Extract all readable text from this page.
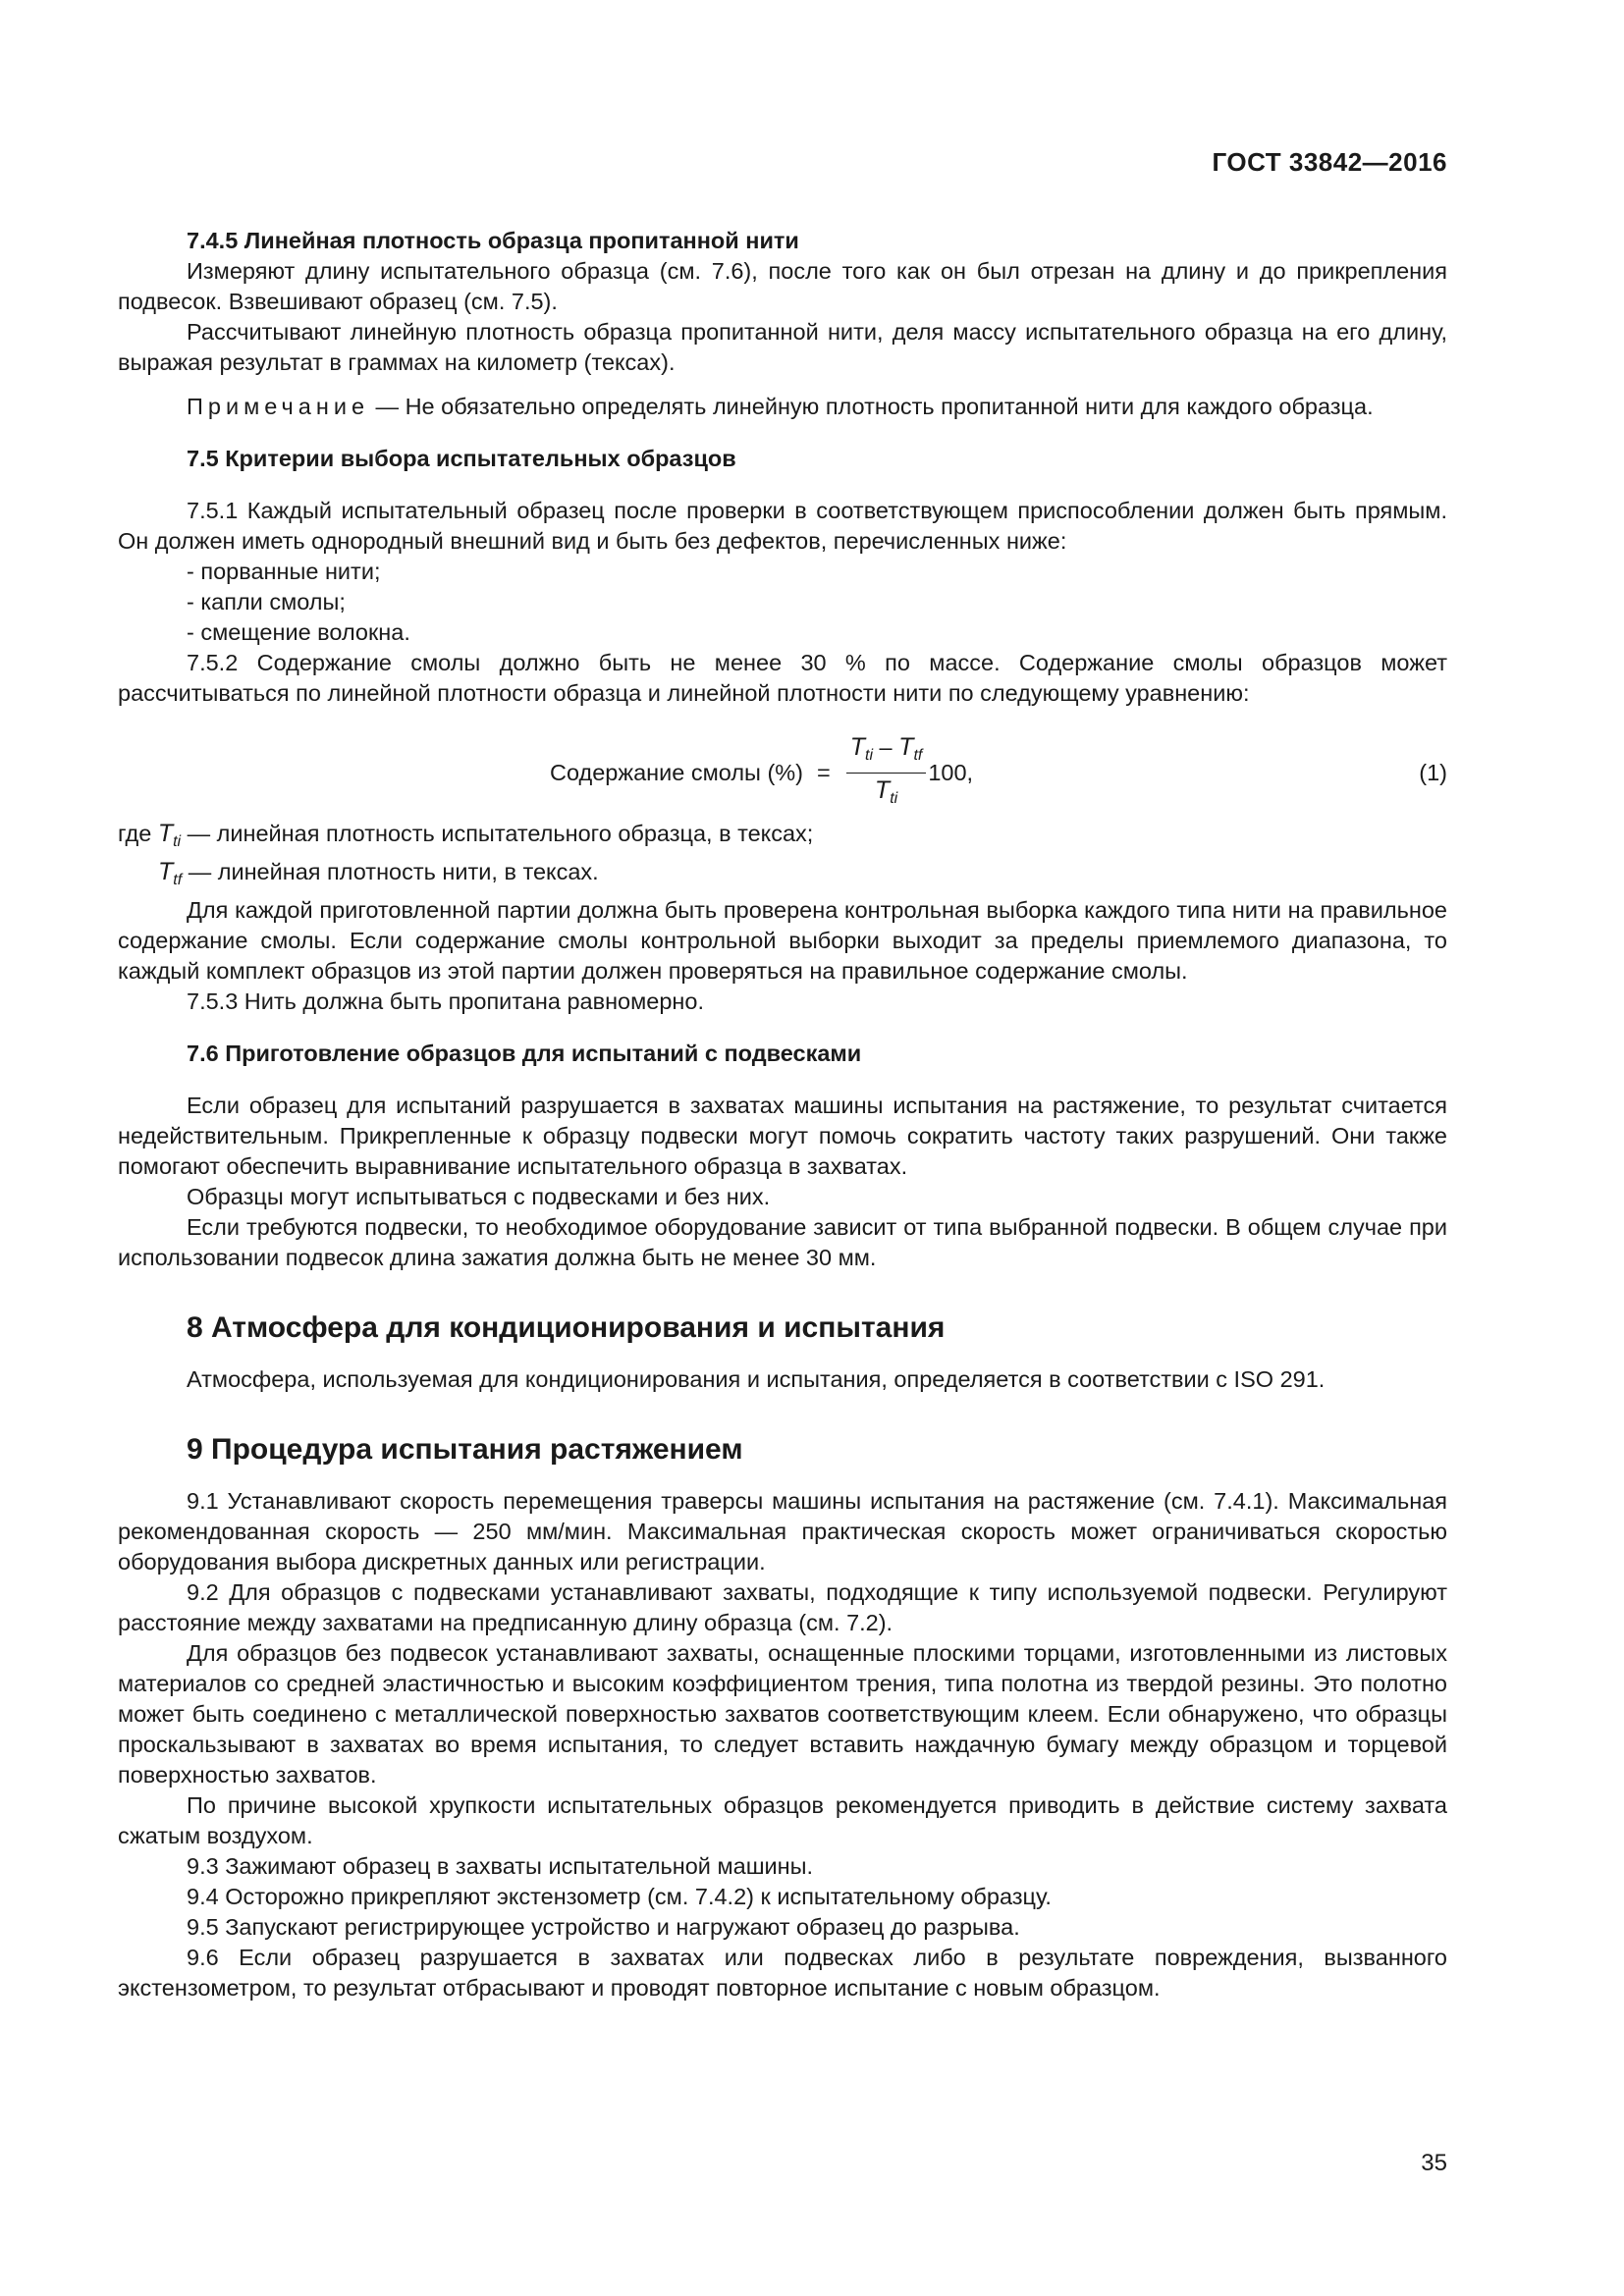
ГОСТ 33842—2016

7.4.5 Линейная плотность образца пропитанной нити

Измеряют длину испытательного образца (см. 7.6), после того как он был отрезан на длину и до прикрепления подвесок. Взвешивают образец (см. 7.5).

Рассчитывают линейную плотность образца пропитанной нити, деля массу испытательного образца на его длину, выражая результат в граммах на километр (тексах).

Примечание — Не обязательно определять линейную плотность пропитанной нити для каждого образца.

7.5 Критерии выбора испытательных образцов

7.5.1 Каждый испытательный образец после проверки в соответствующем приспособлении должен быть прямым. Он должен иметь однородный внешний вид и быть без дефектов, перечисленных ниже:

- порванные нити;

- капли смолы;

- смещение волокна.

7.5.2 Содержание смолы должно быть не менее 30 % по массе. Содержание смолы образцов может рассчитываться по линейной плотности образца и линейной плотности нити по следующему уравнению:

Содержание смолы (%) = $\frac{T_{ti} - T_{tf}}{T_{ti}} 100$,	(1)

где $T_{ti}$ — линейная плотность испытательного образца, в тексах;

$T_{tf}$ — линейная плотность нити, в тексах.

Для каждой приготовленной партии должна быть проверена контрольная выборка каждого типа нити на правильное содержание смолы. Если содержание смолы контрольной выборки выходит за пределы приемлемого диапазона, то каждый комплект образцов из этой партии должен проверяться на правильное содержание смолы.

7.5.3 Нить должна быть пропитана равномерно.

7.6 Приготовление образцов для испытаний с подвесками

Если образец для испытаний разрушается в захватах машины испытания на растяжение, то результат считается недействительным. Прикрепленные к образцу подвески могут помочь сократить частоту таких разрушений. Они также помогают обеспечить выравнивание испытательного образца в захватах.

Образцы могут испытываться с подвесками и без них.

Если требуются подвески, то необходимое оборудование зависит от типа выбранной подвески. В общем случае при использовании подвесок длина зажатия должна быть не менее 30 мм.

8 Атмосфера для кондиционирования и испытания

Атмосфера, используемая для кондиционирования и испытания, определяется в соответствии с ISO 291.

9 Процедура испытания растяжением

9.1 Устанавливают скорость перемещения траверсы машины испытания на растяжение (см. 7.4.1). Максимальная рекомендованная скорость — 250 мм/мин. Максимальная практическая скорость может ограничиваться скоростью оборудования выбора дискретных данных или регистрации.

9.2 Для образцов с подвесками устанавливают захваты, подходящие к типу используемой подвески. Регулируют расстояние между захватами на предписанную длину образца (см. 7.2).

Для образцов без подвесок устанавливают захваты, оснащенные плоскими торцами, изготовленными из листовых материалов со средней эластичностью и высоким коэффициентом трения, типа полотна из твердой резины. Это полотно может быть соединено с металлической поверхностью захватов соответствующим клеем. Если обнаружено, что образцы проскальзывают в захватах во время испытания, то следует вставить наждачную бумагу между образцом и торцевой поверхностью захватов.

По причине высокой хрупкости испытательных образцов рекомендуется приводить в действие систему захвата сжатым воздухом.

9.3 Зажимают образец в захваты испытательной машины.

9.4 Осторожно прикрепляют экстензометр (см. 7.4.2) к испытательному образцу.

9.5 Запускают регистрирующее устройство и нагружают образец до разрыва.

9.6 Если образец разрушается в захватах или подвесках либо в результате повреждения, вызванного экстензометром, то результат отбрасывают и проводят повторное испытание с новым образцом.

35
